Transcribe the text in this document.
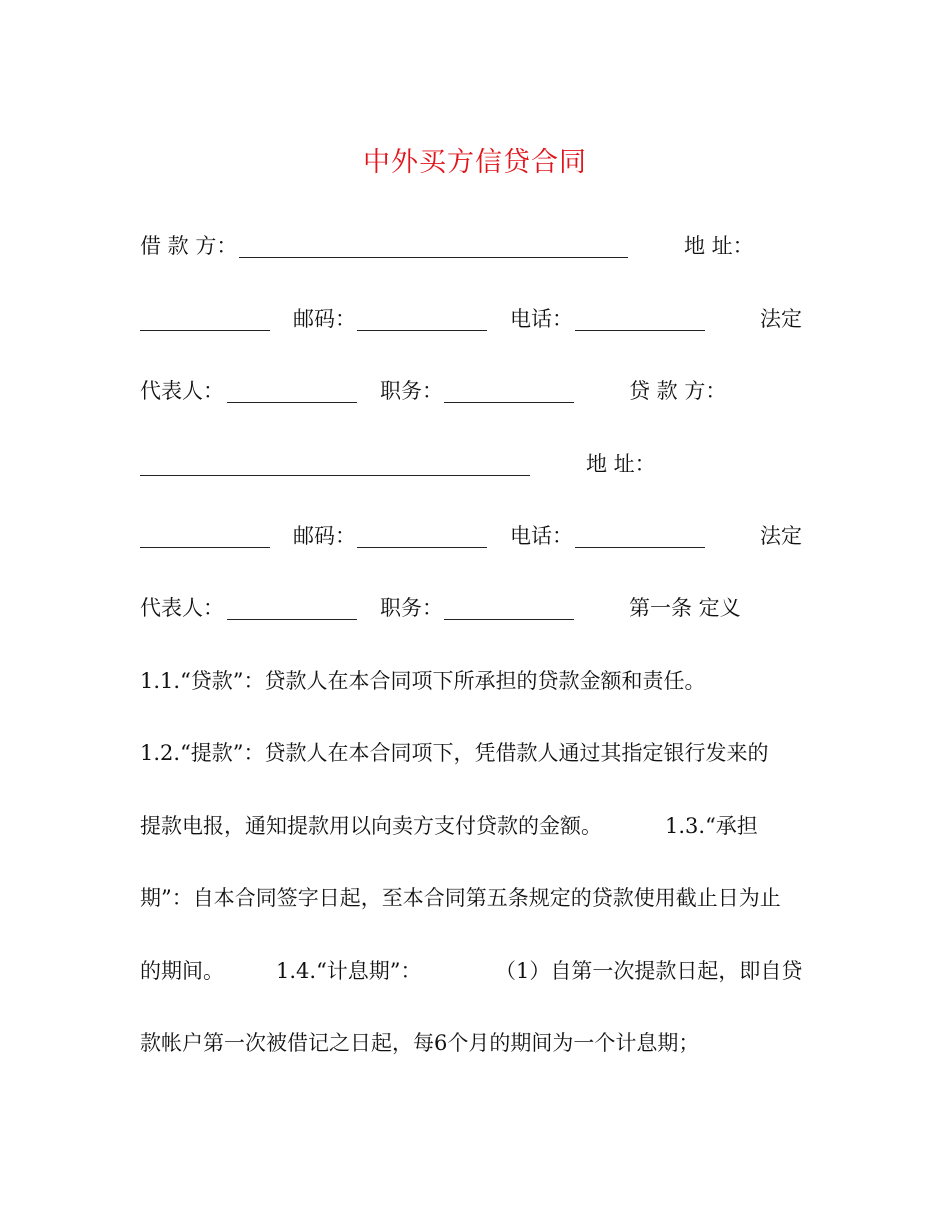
中外买方信贷合同
借 款 方：	地 址：
邮码：	电话：	法定
代表人：	职务：	贷 款 方：
地 址：
邮码：	电话：	法定
代表人：	职务：	第一条 定义
1.1.“贷款”：贷款人在本合同项下所承担的贷款金额和责任。
1.2.“提款”：贷款人在本合同项下，凭借款人通过其指定银行发来的
提款电报，通知提款用以向卖方支付贷款的金额。	1.3.“承担
期”：自本合同签字日起，至本合同第五条规定的贷款使用截止日为止
的期间。 1.4.“计息期”：	（1）自第一次提款日起，即自贷
款帐户第一次被借记之日起，每6个月的期间为一个计息期；
